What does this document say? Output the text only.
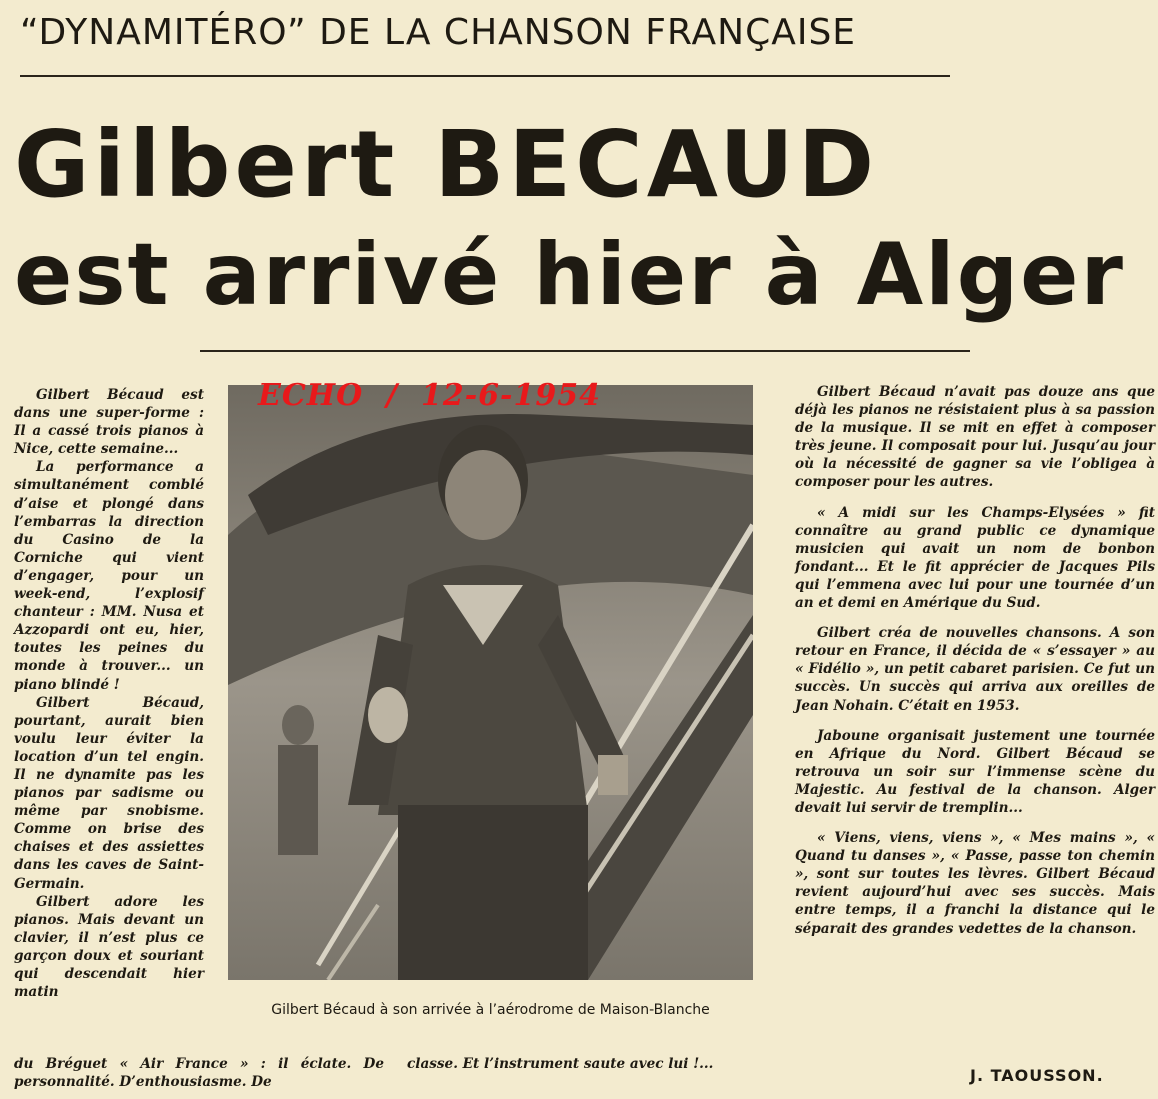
“DYNAMITÉRO” DE LA CHANSON FRANÇAISE
Gilbert BECAUD
est arrivé hier à Alger

Gilbert Bécaud est dans une super-forme : Il a cassé trois pianos à Nice, cette semaine...

La performance a simultanément comblé d’aise et plongé dans l’embarras la direction du Casino de la Corniche qui vient d’engager, pour un week-end, l’explosif chanteur : MM. Nusa et Azzopardi ont eu, hier, toutes les peines du monde à trouver... un piano blindé !

Gilbert Bécaud, pourtant, aurait bien voulu leur éviter la location d’un tel engin. Il ne dynamite pas les pianos par sadisme ou même par snobisme. Comme on brise des chaises et des assiettes dans les caves de Saint-Germain.

Gilbert adore les pianos. Mais devant un clavier, il n’est plus ce garçon doux et souriant qui descendait hier matin

du Bréguet « Air France » : il éclate. De personnalité. D’enthousiasme. De

classe. Et l’instrument saute avec lui !...

ECHO  /  12-6-1954
Gilbert Bécaud à son arrivée à l’aérodrome de Maison-Blanche

Gilbert Bécaud n’avait pas douze ans que déjà les pianos ne résistaient plus à sa passion de la musique. Il se mit en effet à composer très jeune. Il composait pour lui. Jusqu’au jour où la nécessité de gagner sa vie l’obligea à composer pour les autres.

« A midi sur les Champs-Elysées » fit connaître au grand public ce dynamique musicien qui avait un nom de bonbon fondant... Et le fit apprécier de Jacques Pils qui l’emmena avec lui pour une tournée d’un an et demi en Amérique du Sud.

Gilbert créa de nouvelles chansons. A son retour en France, il décida de « s’essayer » au « Fidélio », un petit cabaret parisien. Ce fut un succès. Un succès qui arriva aux oreilles de Jean Nohain. C’était en 1953.

Jaboune organisait justement une tournée en Afrique du Nord. Gilbert Bécaud se retrouva un soir sur l’immense scène du Majestic. Au festival de la chanson. Alger devait lui servir de tremplin...

« Viens, viens, viens », « Mes mains », « Quand tu danses », « Passe, passe ton chemin », sont sur toutes les lèvres. Gilbert Bécaud revient aujourd’hui avec ses succès. Mais entre temps, il a franchi la distance qui le séparait des grandes vedettes de la chanson.

J. TAOUSSON.
